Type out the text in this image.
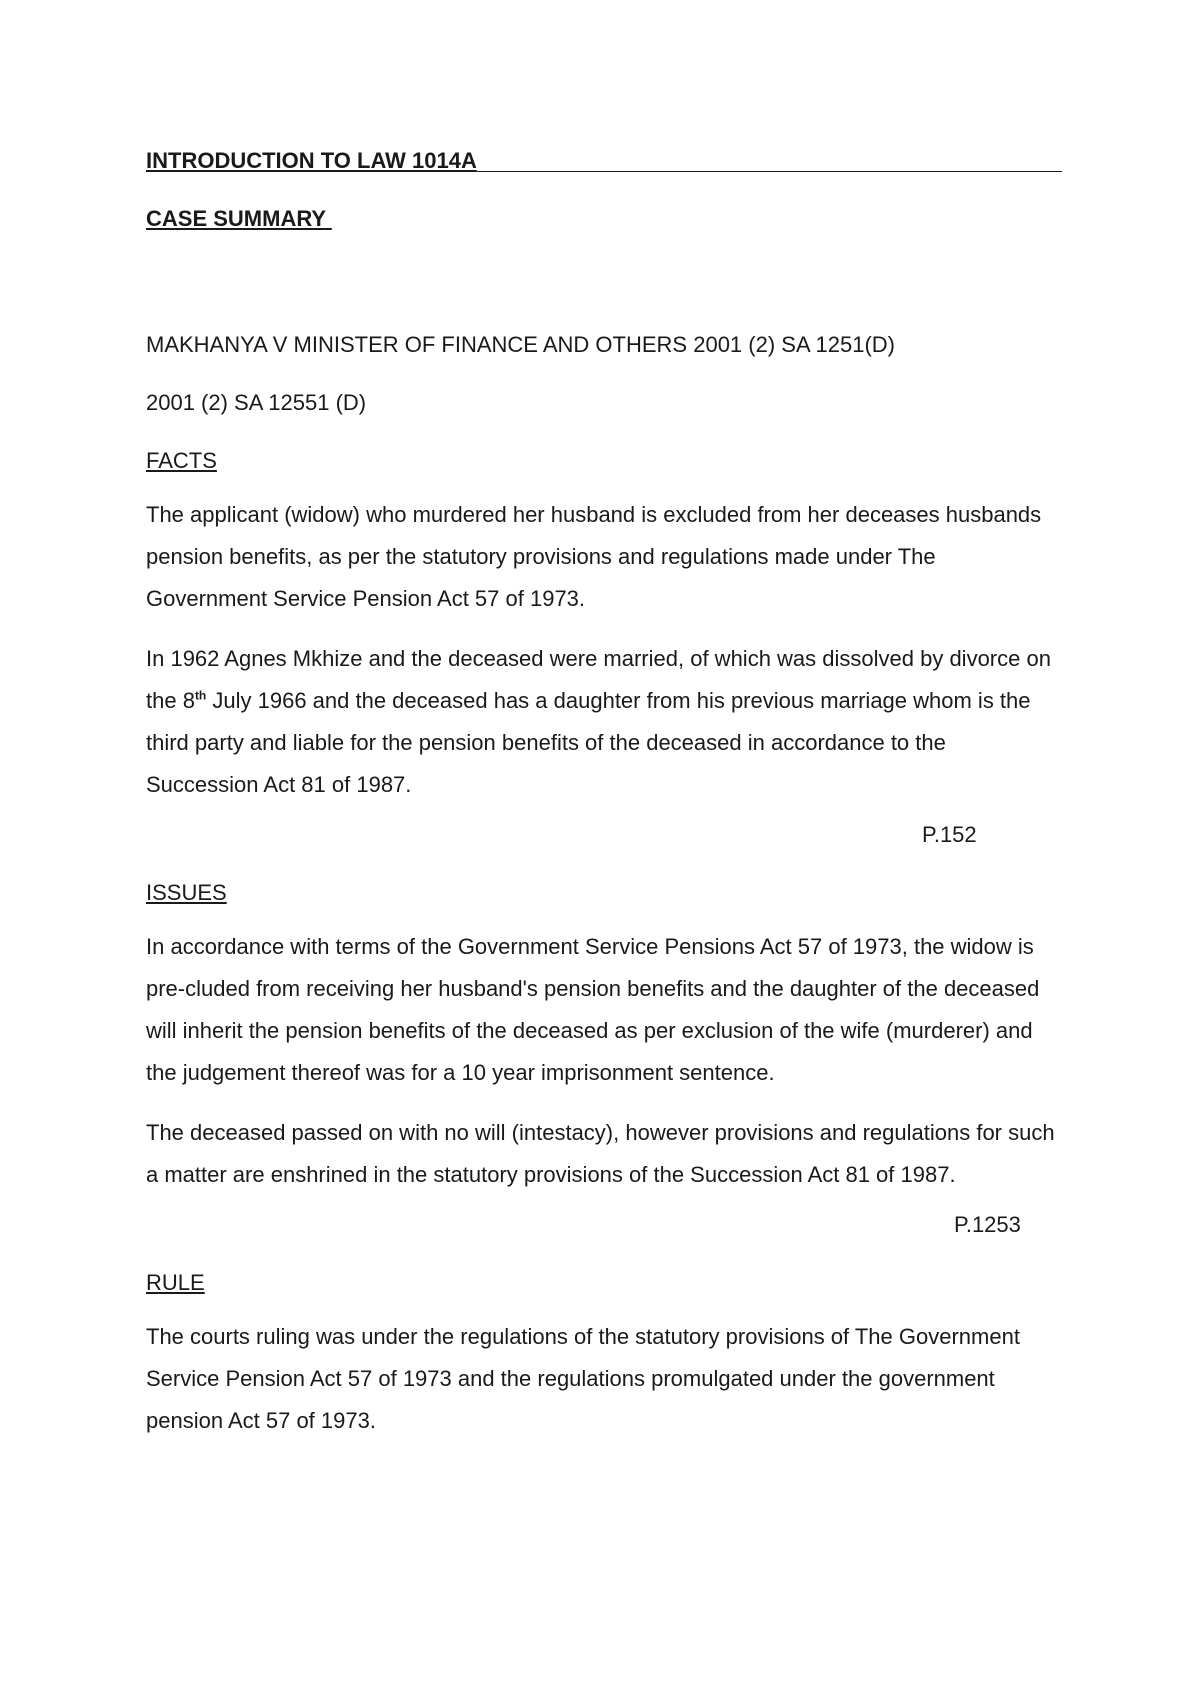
INTRODUCTION TO LAW 1014A
CASE SUMMARY
MAKHANYA V MINISTER OF FINANCE AND OTHERS 2001 (2) SA 1251(D)
2001 (2) SA 12551 (D)
FACTS

The applicant (widow) who murdered her husband is excluded from her deceases husbands pension benefits, as per the statutory provisions and regulations made under The Government Service Pension Act 57 of 1973.

In 1962 Agnes Mkhize and the deceased were married, of which was dissolved by divorce on the 8th July 1966 and the deceased has a daughter from his previous marriage whom is the third party and liable for the pension benefits of the deceased in accordance to the Succession Act 81 of 1987.

P.152
ISSUES

In accordance with terms of the Government Service Pensions Act 57 of 1973, the widow is pre-cluded from receiving her husband's pension benefits and the daughter of the deceased will inherit the pension benefits of the deceased as per exclusion of the wife (murderer) and the judgement thereof was for a 10 year imprisonment sentence.

The deceased passed on with no will (intestacy), however provisions and regulations for such a matter are enshrined in the statutory provisions of the Succession Act 81 of 1987.

P.1253
RULE

The courts ruling was under the regulations of the statutory provisions of The Government Service Pension Act 57 of 1973 and the regulations promulgated under the government pension Act 57 of 1973.
